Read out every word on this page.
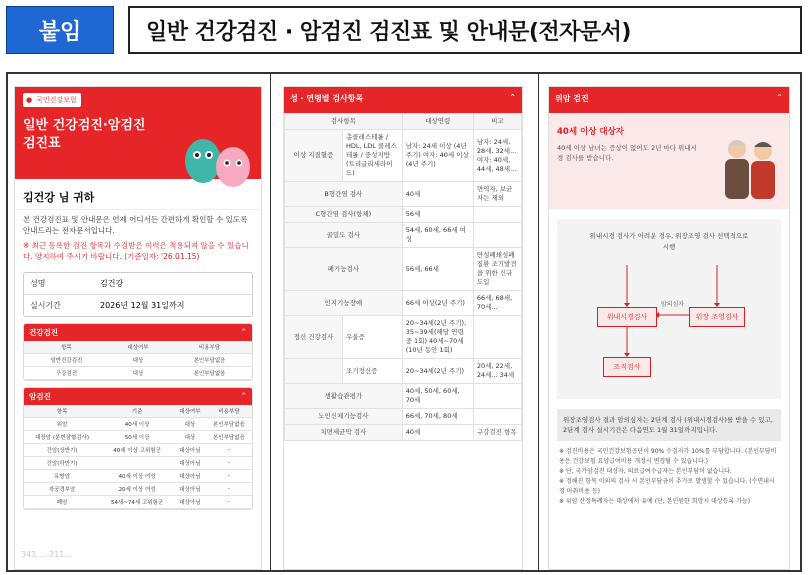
붙임	일반 건강검진 · 암검진 검진표 및 안내문(전자문서)
● 국민건강보험
일반 건강검진·암검진
검진표
김건강 님 귀하
본 건강검진표 및 안내문은 언제 어디서든 간편하게 확인할 수 있도록 안내드리는 전자문서입니다.
※ 최근 등록한 검진 항목과 수검받은 이력은 적용되지 않을 수 있습니다. 양지하여 주시기 바랍니다. (기준일자: '26.01.15)
성명	김건강
실시기간	2026년 12월 31일까지
건강검진	⌃
항목	대상여부	비용부담
일반건강검진	대상	본인부담없음
구강검진	대상	본인부담없음
암검진	⌃
항목	기준	대상여부	비용부담
위암	40세 이상	대상	본인부담없음
대장암 (분변잠혈검사)	50세 이상	대상	본인부담없음
간암(상반기)	40세 이상 고위험군	대상아님	-
간암(하반기)		대상아님	-
유방암	40세 이상 여성	대상아님	-
자궁경부암	20세 이상 여성	대상아님	-
폐암	54세~74세 고위험군	대상아님	-
343 ... 211...
성 · 연령별 검사항목	⌃
검사항목		대상연령	비고
이상 지질혈증	총콜레스테롤 / HDL, LDL 콜레스테롤 / 중성지방 (트리글리세라이드)	남자: 24세 이상 (4년 주기) 여자: 40세 이상 (4년 주기)	남자: 24세, 28세, 32세... 여자: 40세, 44세, 48세...
B형간염 검사		40세	면역자, 보균자는 제외
C형간염 검사(항체)		56세	
골밀도 검사		54세, 60세, 66세 여성	
폐기능검사		56세, 66세	만성폐쇄성폐질환 조기발견을 위한 신규도입
인지기능장애		66세 이상(2년 주기)	66세, 68세, 70세...
정신 건강검사	우울증	20~34세(2년 주기), 35~39세(해당 연령 중 1회) 40세~70세(10년 동안 1회)	
	조기정신증	20~34세(2년 주기)	20세, 22세, 24세... 34세
생활습관평가		40세, 50세, 60세, 70세	
노인신체기능검사		66세, 70세, 80세	
치면세균막 검사		40세	구강검진 항목
위암 검진	⌃
40세 이상 대상자
40세 이상 남녀는 증상이 없어도 2년 마다 위내시경 검사를 받습니다.
위내시경 검사가 어려운 경우, 위장조영 검사 선택적으로 시행
위내시경검사	위장 조영검사
암의심자
조직검사
위장조영검사 결과 암의심자는 2단계 검사 (위내시경검사)를 받을 수 있고, 2단계 검사 실시기간은 다음연도 1월 31일까지입니다.
※ 검진비용은 국민건강보험공단이 90% 수검자가 10%를 부담합니다. (본인부담비용은 건강보험 요양급여비용 개정시 변경될 수 있습니다.)
※ 단, 국가암검진 대상자, 의료급여수급자는 본인부담이 없습니다.
※ 정해진 항목 이외의 검사 시 본인부담금이 추가로 발생할 수 있습니다. (수면내시경 마취비용 등)
※ 위암 산정특례자는 대상에서 유예 (단, 본인원한 희망시 대상등록 가능)
